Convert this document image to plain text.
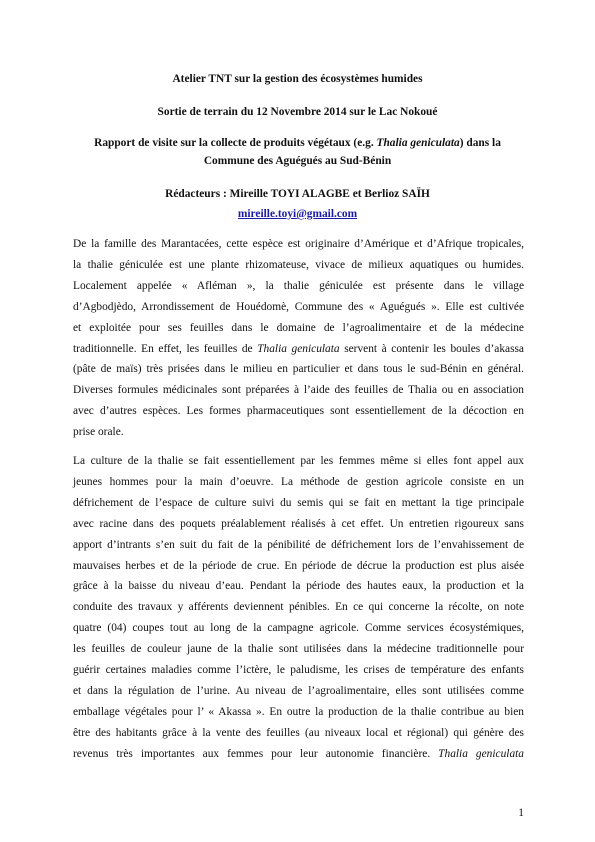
Atelier TNT sur la gestion des écosystèmes humides
Sortie de terrain du 12 Novembre 2014 sur le Lac Nokoué
Rapport de visite sur la collecte de produits végétaux (e.g. Thalia geniculata) dans la
Commune des Aguégués au Sud-Bénin
Rédacteurs : Mireille TOYI ALAGBE et Berlioz SAÏH
mireille.toyi@gmail.com
De la famille des Marantacées, cette espèce est originaire d’Amérique et d’Afrique tropicales,
la thalie géniculée est une plante rhizomateuse, vivace de milieux aquatiques ou humides.
Localement appelée « Afléman », la thalie géniculée est présente dans le village
d’Agbodjèdo, Arrondissement de Houédomè, Commune des « Aguégués ». Elle est cultivée
et exploitée pour ses feuilles dans le domaine de l’agroalimentaire et de la médecine
traditionnelle. En effet, les feuilles de Thalia geniculata servent à contenir les boules d’akassa
(pâte de maïs) très prisées dans le milieu en particulier et dans tous le sud-Bénin en général.
Diverses formules médicinales sont préparées à l’aide des feuilles de Thalia ou en association
avec d’autres espèces. Les formes pharmaceutiques sont essentiellement de la décoction en
prise orale.
La culture de la thalie se fait essentiellement par les femmes même si elles font appel aux
jeunes hommes pour la main d’oeuvre. La méthode de gestion agricole consiste en un
défrichement de l’espace de culture suivi du semis qui se fait en mettant la tige principale
avec racine dans des poquets préalablement réalisés à cet effet. Un entretien rigoureux sans
apport d’intrants s’en suit du fait de la pénibilité de défrichement lors de l’envahissement de
mauvaises herbes et de la période de crue. En période de décrue la production est plus aisée
grâce à la baisse du niveau d’eau. Pendant la période des hautes eaux, la production et la
conduite des travaux y afférents deviennent pénibles. En ce qui concerne la récolte, on note
quatre (04) coupes tout au long de la campagne agricole. Comme services écosystémiques,
les feuilles de couleur jaune de la thalie sont utilisées dans la médecine traditionnelle pour
guérir certaines maladies comme l’ictère, le paludisme, les crises de température des enfants
et dans la régulation de l’urine. Au niveau de l’agroalimentaire, elles sont utilisées comme
emballage végétales pour l’ « Akassa ». En outre la production de la thalie contribue au bien
être des habitants grâce à la vente des feuilles (au niveaux local et régional) qui génère des
revenus très importantes aux femmes pour leur autonomie financière. Thalia geniculata
1
